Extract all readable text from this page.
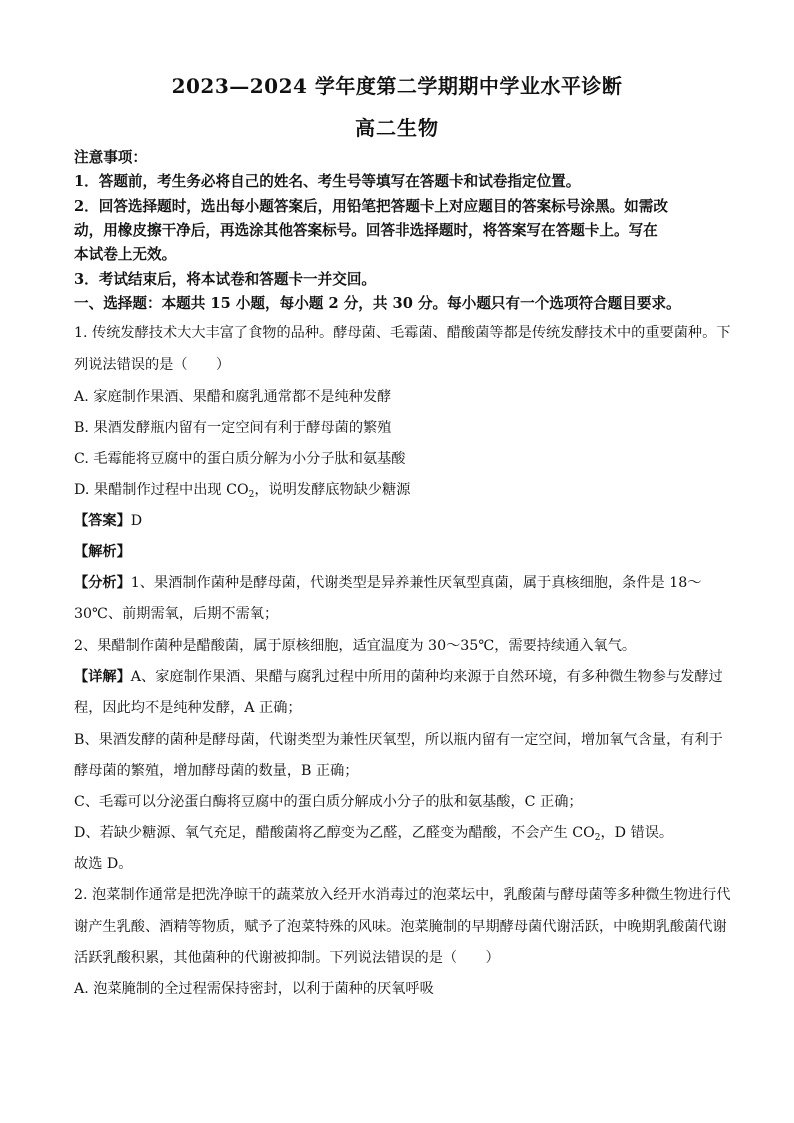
2023—2024 学年度第二学期期中学业水平诊断
高二生物
注意事项：
1．答题前，考生务必将自己的姓名、考生号等填写在答题卡和试卷指定位置。
2．回答选择题时，选出每小题答案后，用铅笔把答题卡上对应题目的答案标号涂黑。如需改
动，用橡皮擦干净后，再选涂其他答案标号。回答非选择题时，将答案写在答题卡上。写在
本试卷上无效。
3．考试结束后，将本试卷和答题卡一并交回。
一、选择题：本题共 15 小题，每小题 2 分，共 30 分。每小题只有一个选项符合题目要求。
1. 传统发酵技术大大丰富了食物的品种。酵母菌、毛霉菌、醋酸菌等都是传统发酵技术中的重要菌种。下
列说法错误的是（　　）
A. 家庭制作果酒、果醋和腐乳通常都不是纯种发酵
B. 果酒发酵瓶内留有一定空间有利于酵母菌的繁殖
C. 毛霉能将豆腐中的蛋白质分解为小分子肽和氨基酸
D. 果醋制作过程中出现 $CO_2$，说明发酵底物缺少糖源
【答案】D
【解析】
【分析】1、果酒制作菌种是酵母菌，代谢类型是异养兼性厌氧型真菌，属于真核细胞，条件是 18～
30℃、前期需氧，后期不需氧；
2、果醋制作菌种是醋酸菌，属于原核细胞，适宜温度为 30～35℃，需要持续通入氧气。
【详解】A、家庭制作果酒、果醋与腐乳过程中所用的菌种均来源于自然环境，有多种微生物参与发酵过
程，因此均不是纯种发酵，A 正确；
B、果酒发酵的菌种是酵母菌，代谢类型为兼性厌氧型，所以瓶内留有一定空间，增加氧气含量，有利于
酵母菌的繁殖，增加酵母菌的数量，B 正确；
C、毛霉可以分泌蛋白酶将豆腐中的蛋白质分解成小分子的肽和氨基酸，C 正确；
D、若缺少糖源、氧气充足，醋酸菌将乙醇变为乙醛，乙醛变为醋酸，不会产生 $CO_2$，D 错误。
故选 D。
2. 泡菜制作通常是把洗净晾干的蔬菜放入经开水消毒过的泡菜坛中，乳酸菌与酵母菌等多种微生物进行代
谢产生乳酸、酒精等物质，赋予了泡菜特殊的风味。泡菜腌制的早期酵母菌代谢活跃，中晚期乳酸菌代谢
活跃乳酸积累，其他菌种的代谢被抑制。下列说法错误的是（　　）
A. 泡菜腌制的全过程需保持密封，以利于菌种的厌氧呼吸
